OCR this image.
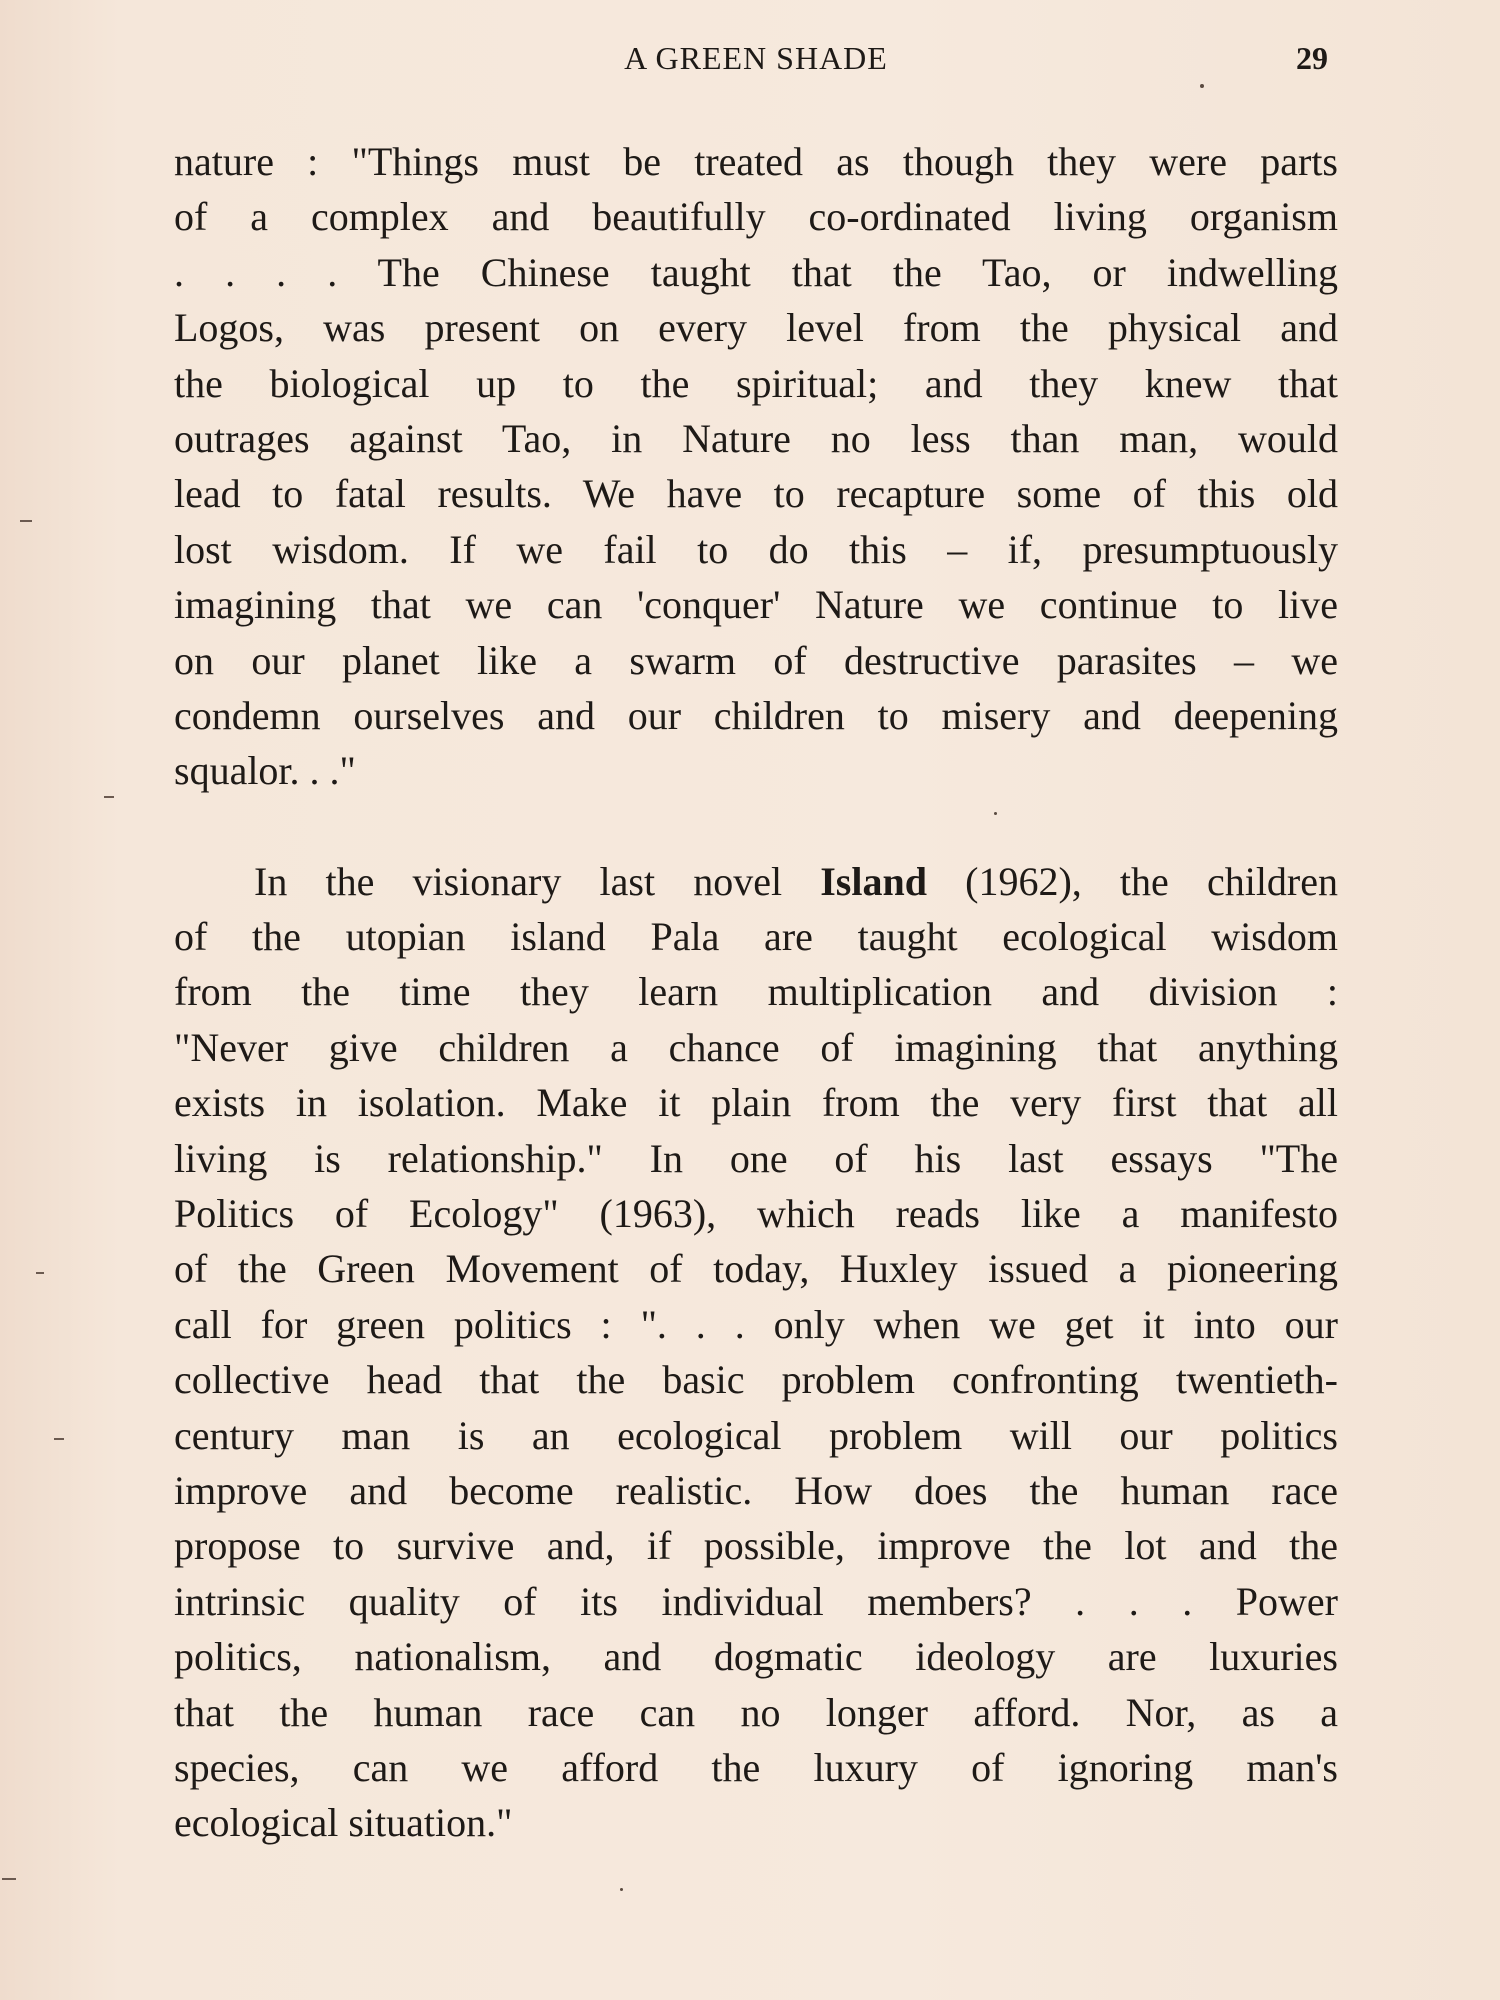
A GREEN SHADE	29
nature : "Things must be treated as though they were parts
of a complex and beautifully co-ordinated living organism
. . . . The Chinese taught that the Tao, or indwelling
Logos, was present on every level from the physical and
the biological up to the spiritual; and they knew that
outrages against Tao, in Nature no less than man, would
lead to fatal results. We have to recapture some of this old
lost wisdom. If we fail to do this – if, presumptuously
imagining that we can 'conquer' Nature we continue to live
on our planet like a swarm of destructive parasites – we
condemn ourselves and our children to misery and deepening
squalor. . ."
In the visionary last novel Island (1962), the children
of the utopian island Pala are taught ecological wisdom
from the time they learn multiplication and division :
"Never give children a chance of imagining that anything
exists in isolation. Make it plain from the very first that all
living is relationship." In one of his last essays "The
Politics of Ecology" (1963), which reads like a manifesto
of the Green Movement of today, Huxley issued a pioneering
call for green politics : ". . . only when we get it into our
collective head that the basic problem confronting twentieth-
century man is an ecological problem will our politics
improve and become realistic. How does the human race
propose to survive and, if possible, improve the lot and the
intrinsic quality of its individual members? . . . Power
politics, nationalism, and dogmatic ideology are luxuries
that the human race can no longer afford. Nor, as a
species, can we afford the luxury of ignoring man's
ecological situation."
